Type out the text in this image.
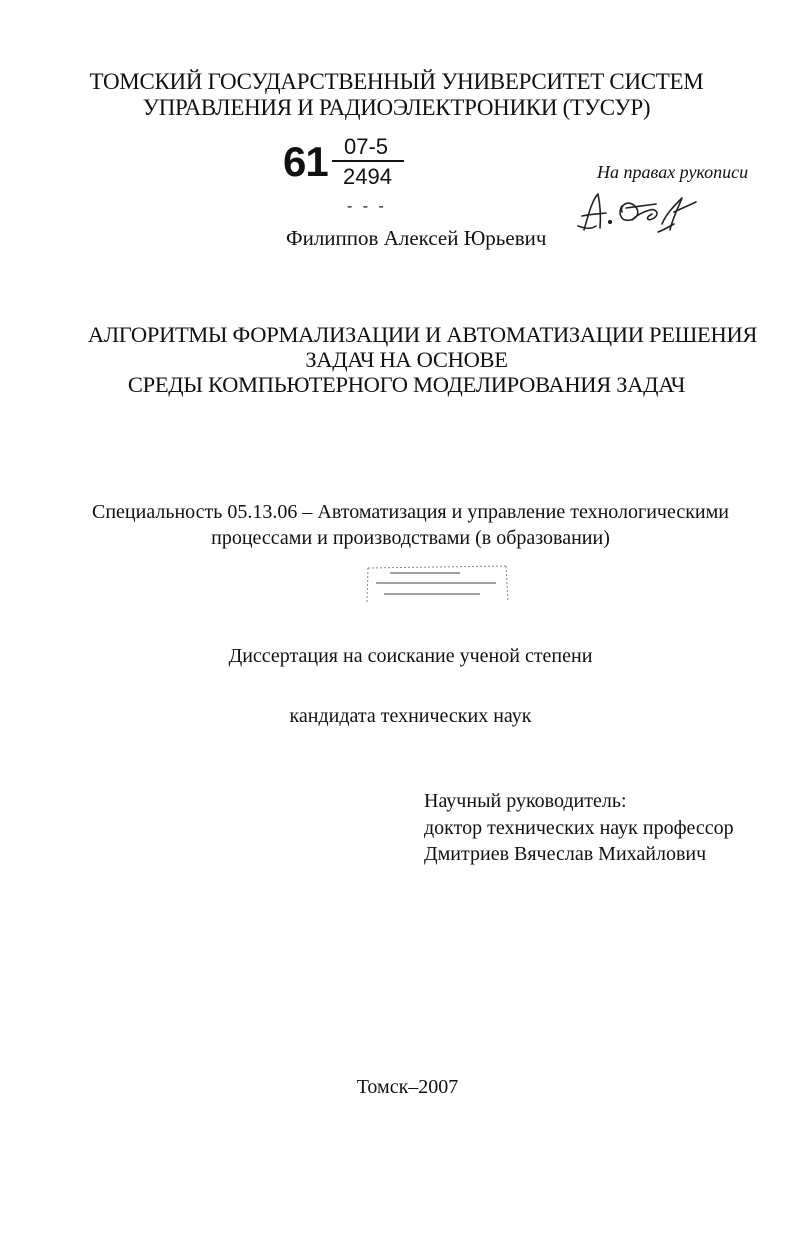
ТОМСКИЙ ГОСУДАРСТВЕННЫЙ УНИВЕРСИТЕТ СИСТЕМ
УПРАВЛЕНИЯ И РАДИОЭЛЕКТРОНИКИ (ТУСУР)
61 07-5
2494
- - -
На правах рукописи
Филиппов Алексей Юрьевич
АЛГОРИТМЫ ФОРМАЛИЗАЦИИ И АВТОМАТИЗАЦИИ РЕШЕНИЯ
ЗАДАЧ НА ОСНОВЕ
СРЕДЫ КОМПЬЮТЕРНОГО МОДЕЛИРОВАНИЯ ЗАДАЧ
Специальность 05.13.06 – Автоматизация и управление технологическими
процессами и производствами (в образовании)
Диссертация на соискание ученой степени
кандидата технических наук
Научный руководитель:
доктор технических наук профессор
Дмитриев Вячеслав Михайлович
Томск–2007
